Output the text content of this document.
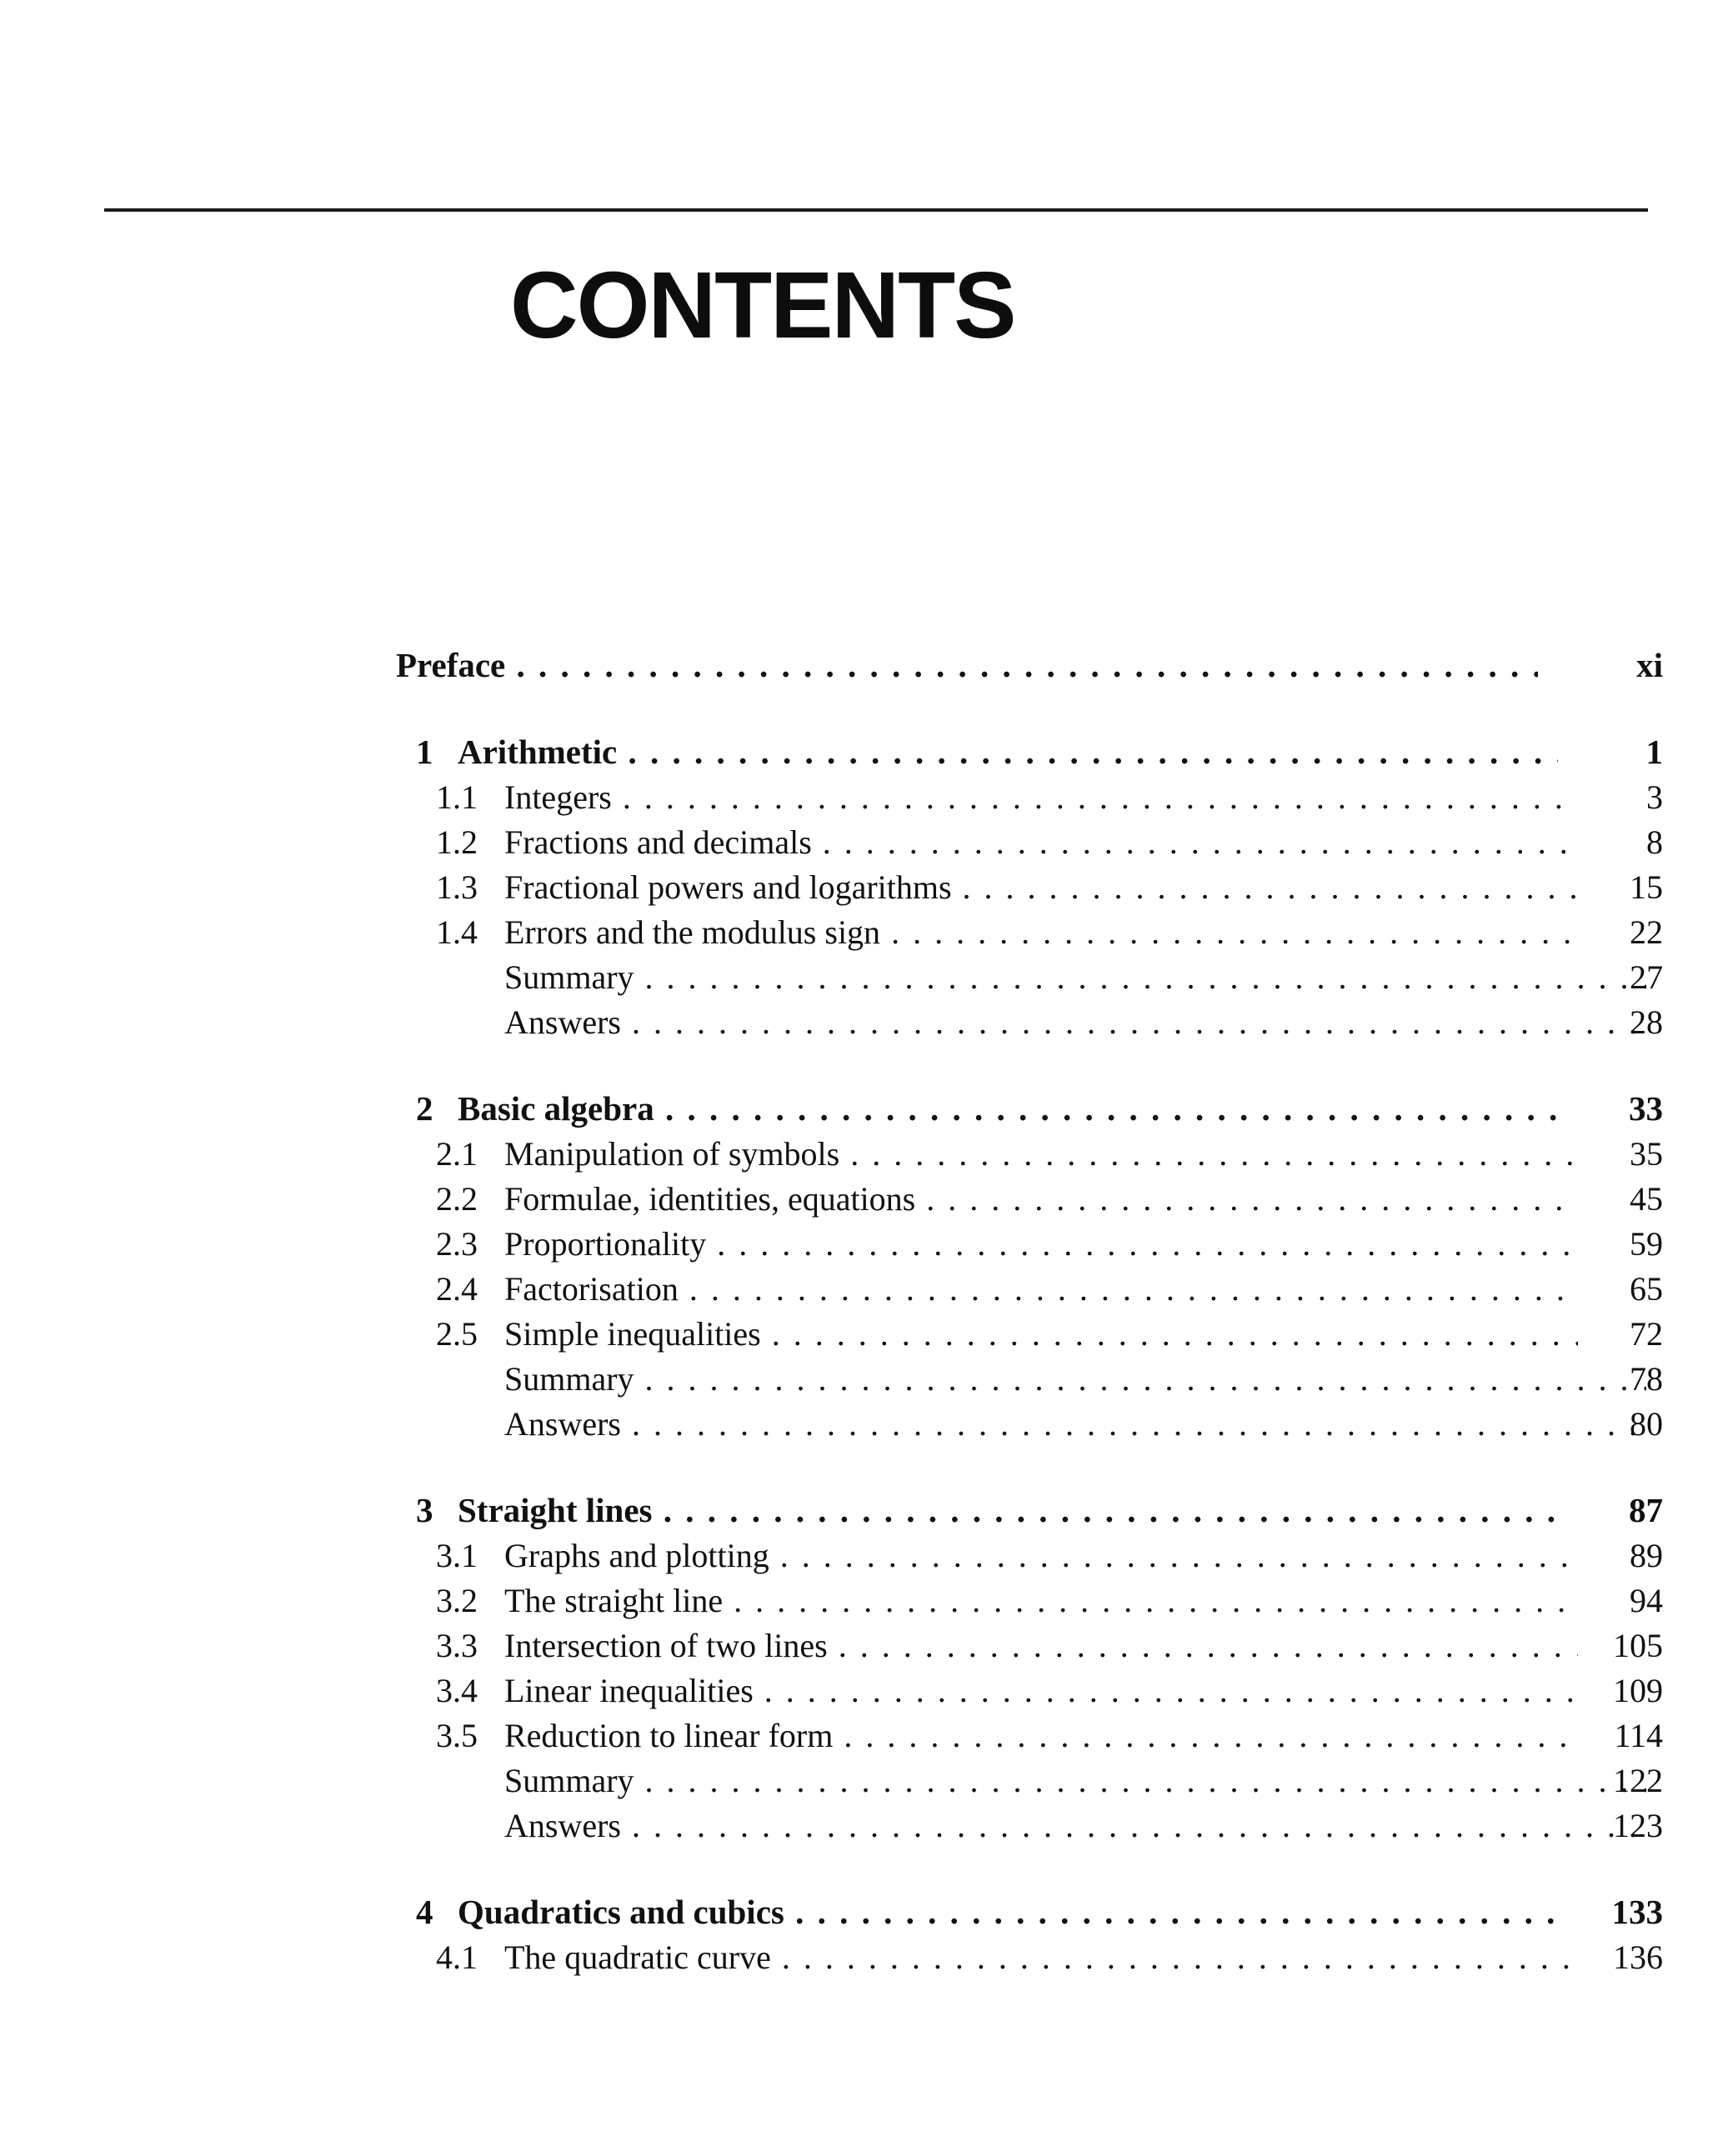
CONTENTS
Preface . . .	xi
1 Arithmetic . . .	1
1.1 Integers . . .	3
1.2 Fractions and decimals . . .	8
1.3 Fractional powers and logarithms . . .	15
1.4 Errors and the modulus sign . . .	22
Summary . . .	27
Answers . . .	28
2 Basic algebra . . .	33
2.1 Manipulation of symbols . . .	35
2.2 Formulae, identities, equations . . .	45
2.3 Proportionality . . .	59
2.4 Factorisation . . .	65
2.5 Simple inequalities . . .	72
Summary . . .	78
Answers . . .	80
3 Straight lines . . .	87
3.1 Graphs and plotting . . .	89
3.2 The straight line . . .	94
3.3 Intersection of two lines . . .	105
3.4 Linear inequalities . . .	109
3.5 Reduction to linear form . . .	114
Summary . . .	122
Answers . . .	123
4 Quadratics and cubics . . .	133
4.1 The quadratic curve . . .	136
